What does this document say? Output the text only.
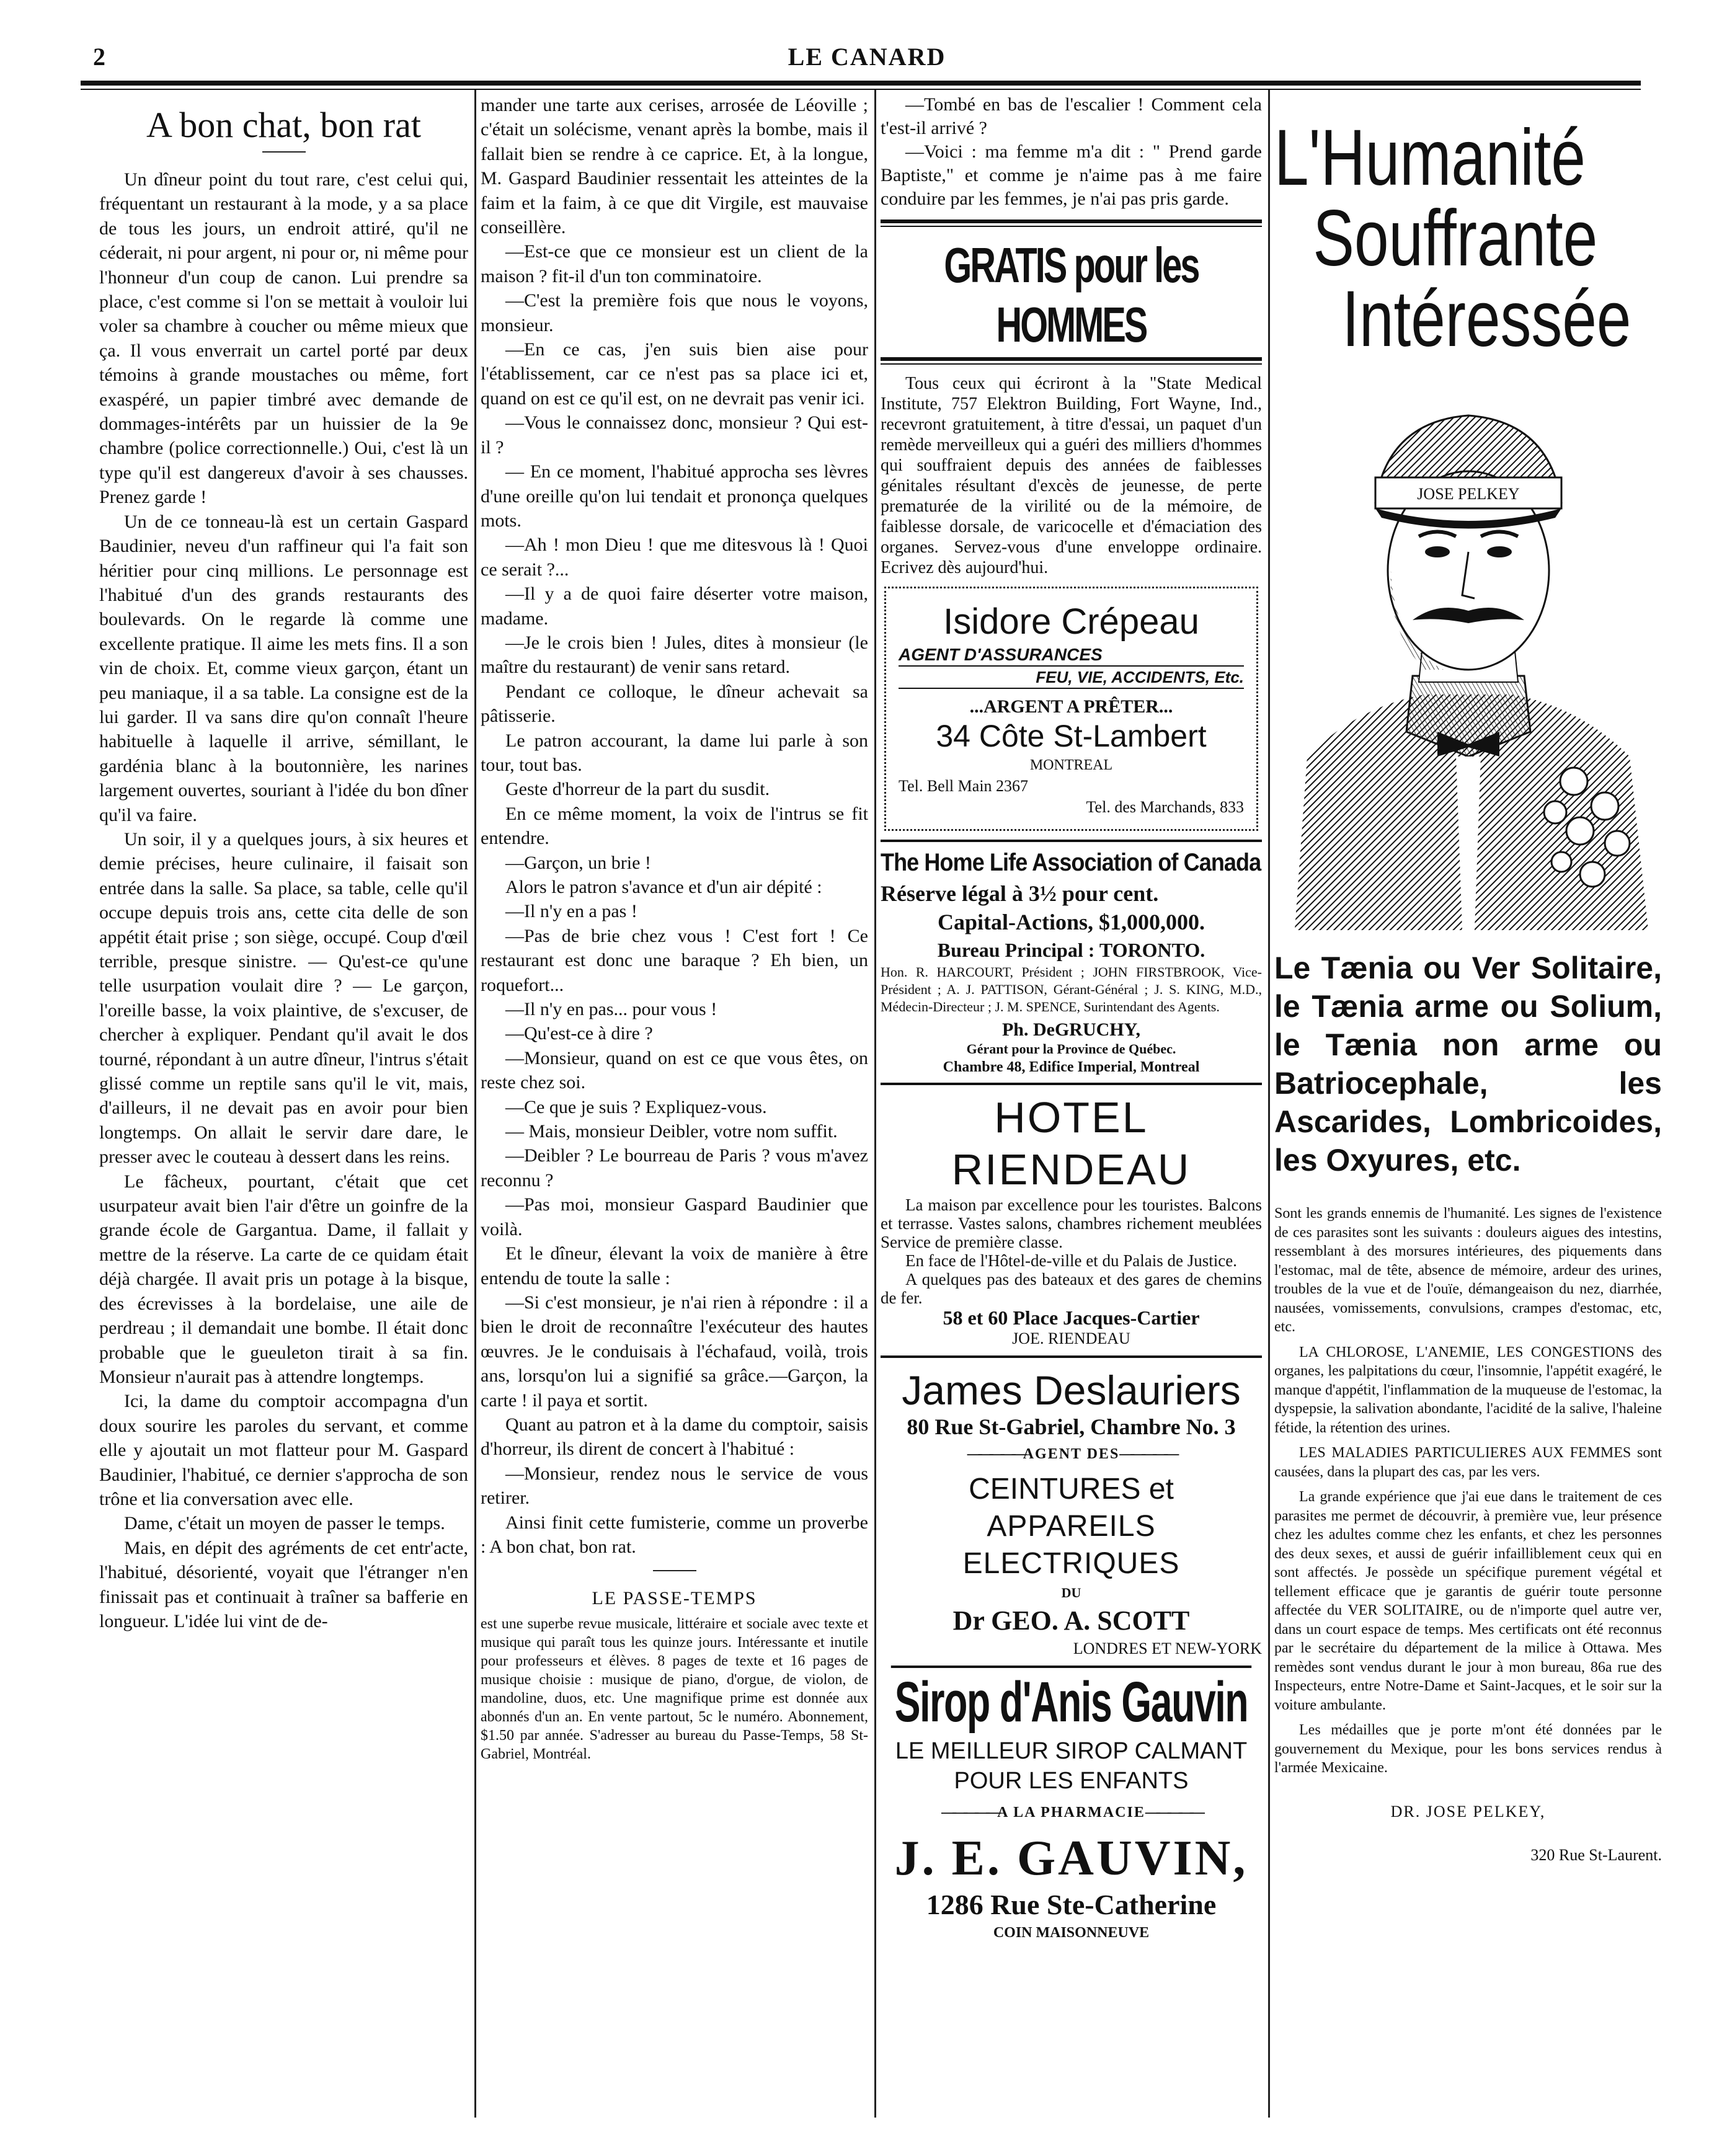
2	LE CANARD
A bon chat, bon rat

Un dîneur point du tout rare, c'est celui qui, fréquentant un restaurant à la mode, y a sa place de tous les jours, un endroit attiré, qu'il ne céderait, ni pour argent, ni pour or, ni même pour l'honneur d'un coup de canon. Lui prendre sa place, c'est comme si l'on se mettait à vouloir lui voler sa chambre à coucher ou même mieux que ça. Il vous enverrait un cartel porté par deux témoins à grande moustaches ou même, fort exaspéré, un papier timbré avec demande de dommages-intérêts par un huissier de la 9e chambre (police correctionnelle.) Oui, c'est là un type qu'il est dangereux d'avoir à ses chausses. Prenez garde !

Un de ce tonneau-là est un certain Gaspard Baudinier, neveu d'un raffineur qui l'a fait son héritier pour cinq millions. Le personnage est l'habitué d'un des grands restaurants des boulevards. On le regarde là comme une excellente pratique. Il aime les mets fins. Il a son vin de choix. Et, comme vieux garçon, étant un peu maniaque, il a sa table. La consigne est de la lui garder. Il va sans dire qu'on connaît l'heure habituelle à laquelle il arrive, sémillant, le gardénia blanc à la boutonnière, les narines largement ouvertes, souriant à l'idée du bon dîner qu'il va faire.

Un soir, il y a quelques jours, à six heures et demie précises, heure culinaire, il faisait son entrée dans la salle. Sa place, sa table, celle qu'il occupe depuis trois ans, cette cita delle de son appétit était prise ; son siège, occupé. Coup d'œil terrible, presque sinistre. — Qu'est-ce qu'une telle usurpation voulait dire ? — Le garçon, l'oreille basse, la voix plaintive, de s'excuser, de chercher à expliquer. Pendant qu'il avait le dos tourné, répondant à un autre dîneur, l'intrus s'était glissé comme un reptile sans qu'il le vit, mais, d'ailleurs, il ne devait pas en avoir pour bien longtemps. On allait le servir dare dare, le presser avec le couteau à dessert dans les reins.

Le fâcheux, pourtant, c'était que cet usurpateur avait bien l'air d'être un goinfre de la grande école de Gargantua. Dame, il fallait y mettre de la réserve. La carte de ce quidam était déjà chargée. Il avait pris un potage à la bisque, des écrevisses à la bordelaise, une aile de perdreau ; il demandait une bombe. Il était donc probable que le gueuleton tirait à sa fin. Monsieur n'aurait pas à attendre longtemps.

Ici, la dame du comptoir accompagna d'un doux sourire les paroles du servant, et comme elle y ajoutait un mot flatteur pour M. Gaspard Baudinier, l'habitué, ce dernier s'approcha de son trône et lia conversation avec elle.

Dame, c'était un moyen de passer le temps.

Mais, en dépit des agréments de cet entr'acte, l'habitué, désorienté, voyait que l'étranger n'en finissait pas et continuait à traîner sa bafferie en longueur. L'idée lui vint de de-

mander une tarte aux cerises, arrosée de Léoville ; c'était un solécisme, venant après la bombe, mais il fallait bien se rendre à ce caprice. Et, à la longue, M. Gaspard Baudinier ressentait les atteintes de la faim et la faim, à ce que dit Virgile, est mauvaise conseillère.

—Est-ce que ce monsieur est un client de la maison ? fit-il d'un ton comminatoire.

—C'est la première fois que nous le voyons, monsieur.

—En ce cas, j'en suis bien aise pour l'établissement, car ce n'est pas sa place ici et, quand on est ce qu'il est, on ne devrait pas venir ici.

—Vous le connaissez donc, monsieur ? Qui est-il ?

— En ce moment, l'habitué approcha ses lèvres d'une oreille qu'on lui tendait et prononça quelques mots.

—Ah ! mon Dieu ! que me ditesvous là ! Quoi ce serait ?...

—Il y a de quoi faire déserter votre maison, madame.

—Je le crois bien ! Jules, dites à monsieur (le maître du restaurant) de venir sans retard.

Pendant ce colloque, le dîneur achevait sa pâtisserie.

Le patron accourant, la dame lui parle à son tour, tout bas.

Geste d'horreur de la part du susdit.

En ce même moment, la voix de l'intrus se fit entendre.

—Garçon, un brie !

Alors le patron s'avance et d'un air dépité :

—Il n'y en a pas !

—Pas de brie chez vous ! C'est fort ! Ce restaurant est donc une baraque ? Eh bien, un roquefort...

—Il n'y en pas... pour vous !

—Qu'est-ce à dire ?

—Monsieur, quand on est ce que vous êtes, on reste chez soi.

—Ce que je suis ? Expliquez-vous.

— Mais, monsieur Deibler, votre nom suffit.

—Deibler ? Le bourreau de Paris ? vous m'avez reconnu ?

—Pas moi, monsieur Gaspard Baudinier que voilà.

Et le dîneur, élevant la voix de manière à être entendu de toute la salle :

—Si c'est monsieur, je n'ai rien à répondre : il a bien le droit de reconnaître l'exécuteur des hautes œuvres. Je le conduisais à l'échafaud, voilà, trois ans, lorsqu'on lui a signifié sa grâce.—Garçon, la carte ! il paya et sortit.

Quant au patron et à la dame du comptoir, saisis d'horreur, ils dirent de concert à l'habitué :

—Monsieur, rendez nous le service de vous retirer.

Ainsi finit cette fumisterie, comme un proverbe : A bon chat, bon rat.

LE PASSE-TEMPS

est une superbe revue musicale, littéraire et sociale avec texte et musique qui paraît tous les quinze jours. Intéressante et inutile pour professeurs et élèves. 8 pages de texte et 16 pages de musique choisie : musique de piano, d'orgue, de violon, de mandoline, duos, etc. Une magnifique prime est donnée aux abonnés d'un an. En vente partout, 5c le numéro. Abonnement, $1.50 par année. S'adresser au bureau du Passe-Temps, 58 St-Gabriel, Montréal.

—Tombé en bas de l'escalier ! Comment cela t'est-il arrivé ?

—Voici : ma femme m'a dit : " Prend garde Baptiste," et comme je n'aime pas à me faire conduire par les femmes, je n'ai pas pris garde.

GRATIS pour les HOMMES

Tous ceux qui écriront à la "State Medical Institute, 757 Elektron Building, Fort Wayne, Ind., recevront gratuitement, à titre d'essai, un paquet d'un remède merveilleux qui a guéri des milliers d'hommes qui souffraient depuis des années de faiblesses génitales résultant d'excès de jeunesse, de perte prematurée de la virilité ou de la mémoire, de faiblesse dorsale, de varicocelle et d'émaciation des organes. Servez-vous d'une enveloppe ordinaire. Ecrivez dès aujourd'hui.

Isidore Crépeau
AGENT D'ASSURANCES
FEU, VIE, ACCIDENTS, Etc.
...ARGENT A PRÊTER...
34 Côte St-Lambert
MONTREAL
Tel. Bell Main 2367
Tel. des Marchands, 833
The Home Life Association of Canada
Réserve légal à 3½ pour cent.
Capital-Actions, $1,000,000.
Bureau Principal : TORONTO.
Hon. R. HARCOURT, Président ; JOHN FIRSTBROOK, Vice-Président ; A. J. PATTISON, Gérant-Général ; J. S. KING, M.D., Médecin-Directeur ; J. M. SPENCE, Surintendant des Agents.
Ph. DeGRUCHY,
Gérant pour la Province de Québec.
Chambre 48, Edifice Imperial, Montreal
HOTEL RIENDEAU

La maison par excellence pour les touristes. Balcons et terrasse. Vastes salons, chambres richement meublées Service de première classe.

En face de l'Hôtel-de-ville et du Palais de Justice.

A quelques pas des bateaux et des gares de chemins de fer.

58 et 60 Place Jacques-Cartier
JOE. RIENDEAU
James Deslauriers
80 Rue St-Gabriel, Chambre No. 3
————— AGENT DES —————
CEINTURES et
APPAREILS ELECTRIQUES
DU
Dr GEO. A. SCOTT
LONDRES ET NEW-YORK
Sirop d'Anis Gauvin
LE MEILLEUR SIROP CALMANT
POUR LES ENFANTS
————— A LA PHARMACIE —————
J. E. GAUVIN,
1286 Rue Ste-Catherine
COIN MAISONNEUVE
L'Humanité
Souffrante
Intéressée
JOSE PELKEY
Le Tænia ou Ver Solitaire, le Tænia arme ou Solium, le Tænia non arme ou Batriocephale, les Ascarides, Lombricoides, les Oxyures, etc.

Sont les grands ennemis de l'humanité. Les signes de l'existence de ces parasites sont les suivants : douleurs aigues des intestins, ressemblant à des morsures intérieures, des piquements dans l'estomac, mal de tête, absence de mémoire, ardeur des urines, troubles de la vue et de l'ouïe, démangeaison du nez, diarrhée, nausées, vomissements, convulsions, crampes d'estomac, etc, etc.

LA CHLOROSE, L'ANEMIE, LES CONGESTIONS des organes, les palpitations du cœur, l'insomnie, l'appétit exagéré, le manque d'appétit, l'inflammation de la muqueuse de l'estomac, la dyspepsie, la salivation abondante, l'acidité de la salive, l'haleine fétide, la rétention des urines.

LES MALADIES PARTICULIERES AUX FEMMES sont causées, dans la plupart des cas, par les vers.

La grande expérience que j'ai eue dans le traitement de ces parasites me permet de découvrir, à première vue, leur présence chez les adultes comme chez les enfants, et chez les personnes des deux sexes, et aussi de guérir infailliblement ceux qui en sont affectés. Je possède un spécifique purement végétal et tellement efficace que je garantis de guérir toute personne affectée du VER SOLITAIRE, ou de n'importe quel autre ver, dans un court espace de temps. Mes certificats ont été reconnus par le secrétaire du département de la milice à Ottawa. Mes remèdes sont vendus durant le jour à mon bureau, 86a rue des Inspecteurs, entre Notre-Dame et Saint-Jacques, et le soir sur la voiture ambulante.

Les médailles que je porte m'ont été données par le gouvernement du Mexique, pour les bons services rendus à l'armée Mexicaine.

DR. JOSE PELKEY,
320 Rue St-Laurent.
